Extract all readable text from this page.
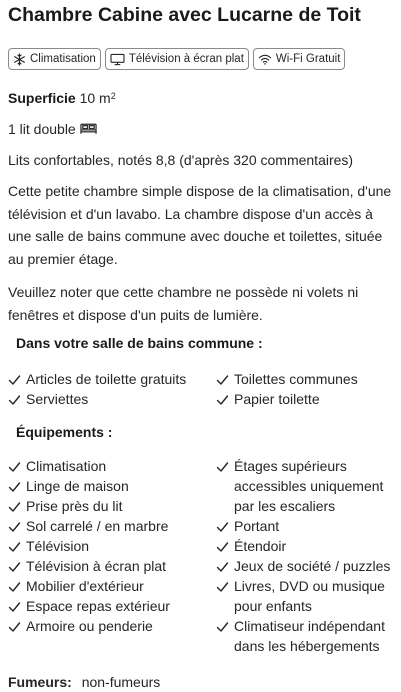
Chambre Cabine avec Lucarne de Toit
Climatisation	Télévision à écran plat	Wi-Fi Gratuit
Superficie 10 $m^2$
1 lit double
Lits confortables, notés 8,8 (d'après 320 commentaires)

Cette petite chambre simple dispose de la climatisation, d'une télévision et d'un lavabo. La chambre dispose d'un accès à une salle de bains commune avec douche et toilettes, située au premier étage.

Veuillez noter que cette chambre ne possède ni volets ni fenêtres et dispose d'un puits de lumière.

Dans votre salle de bains commune :
Articles de toilette gratuits
Serviettes
Toilettes communes
Papier toilette
Équipements :
Climatisation
Linge de maison
Prise près du lit
Sol carrelé / en marbre
Télévision
Télévision à écran plat
Mobilier d'extérieur
Espace repas extérieur
Armoire ou penderie
Étages supérieurs accessibles uniquement par les escaliers
Portant
Étendoir
Jeux de société / puzzles
Livres, DVD ou musique pour enfants
Climatiseur indépendant dans les hébergements
Fumeurs: non-fumeurs
